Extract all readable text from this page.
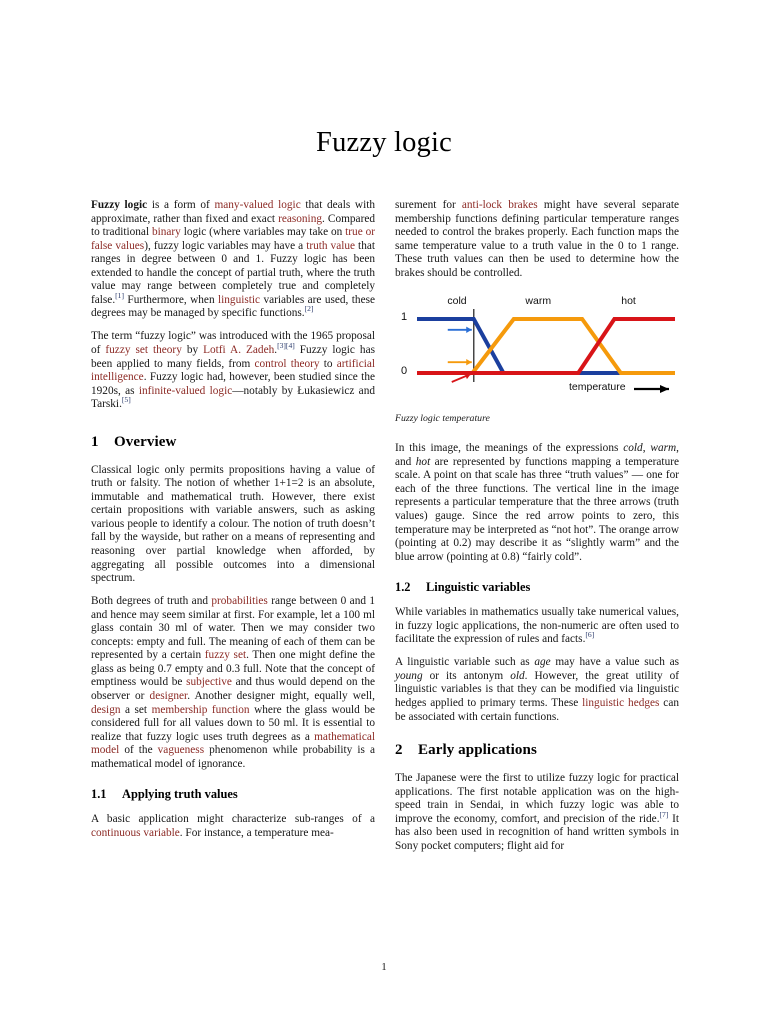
Fuzzy logic

Fuzzy logic is a form of many-valued logic that deals with approximate, rather than fixed and exact reasoning. Compared to traditional binary logic (where variables may take on true or false values), fuzzy logic variables may have a truth value that ranges in degree between 0 and 1. Fuzzy logic has been extended to handle the concept of partial truth, where the truth value may range between completely true and completely false.[1] Furthermore, when linguistic variables are used, these degrees may be managed by specific functions.[2]

The term “fuzzy logic” was introduced with the 1965 proposal of fuzzy set theory by Lotfi A. Zadeh.[3][4] Fuzzy logic has been applied to many fields, from control theory to artificial intelligence. Fuzzy logic had, however, been studied since the 1920s, as infinite-valued logic—notably by Łukasiewicz and Tarski.[5]

1 Overview

Classical logic only permits propositions having a value of truth or falsity. The notion of whether 1+1=2 is an absolute, immutable and mathematical truth. However, there exist certain propositions with variable answers, such as asking various people to identify a colour. The notion of truth doesn’t fall by the wayside, but rather on a means of representing and reasoning over partial knowledge when afforded, by aggregating all possible outcomes into a dimensional spectrum.

Both degrees of truth and probabilities range between 0 and 1 and hence may seem similar at first. For example, let a 100 ml glass contain 30 ml of water. Then we may consider two concepts: empty and full. The meaning of each of them can be represented by a certain fuzzy set. Then one might define the glass as being 0.7 empty and 0.3 full. Note that the concept of emptiness would be subjective and thus would depend on the observer or designer. Another designer might, equally well, design a set membership function where the glass would be considered full for all values down to 50 ml. It is essential to realize that fuzzy logic uses truth degrees as a mathematical model of the vagueness phenomenon while probability is a mathematical model of ignorance.

1.1 Applying truth values

A basic application might characterize sub-ranges of a continuous variable. For instance, a temperature mea-

surement for anti-lock brakes might have several separate membership functions defining particular temperature ranges needed to control the brakes properly. Each function maps the same temperature value to a truth value in the 0 to 1 range. These truth values can then be used to determine how the brakes should be controlled.

1
0
cold	warm	hot
temperature
Fuzzy logic temperature

In this image, the meanings of the expressions cold, warm, and hot are represented by functions mapping a temperature scale. A point on that scale has three “truth values” — one for each of the three functions. The vertical line in the image represents a particular temperature that the three arrows (truth values) gauge. Since the red arrow points to zero, this temperature may be interpreted as “not hot”. The orange arrow (pointing at 0.2) may describe it as “slightly warm” and the blue arrow (pointing at 0.8) “fairly cold”.

1.2 Linguistic variables

While variables in mathematics usually take numerical values, in fuzzy logic applications, the non-numeric are often used to facilitate the expression of rules and facts.[6]

A linguistic variable such as age may have a value such as young or its antonym old. However, the great utility of linguistic variables is that they can be modified via linguistic hedges applied to primary terms. These linguistic hedges can be associated with certain functions.

2 Early applications

The Japanese were the first to utilize fuzzy logic for practical applications. The first notable application was on the high-speed train in Sendai, in which fuzzy logic was able to improve the economy, comfort, and precision of the ride.[7] It has also been used in recognition of hand written symbols in Sony pocket computers; flight aid for

1
